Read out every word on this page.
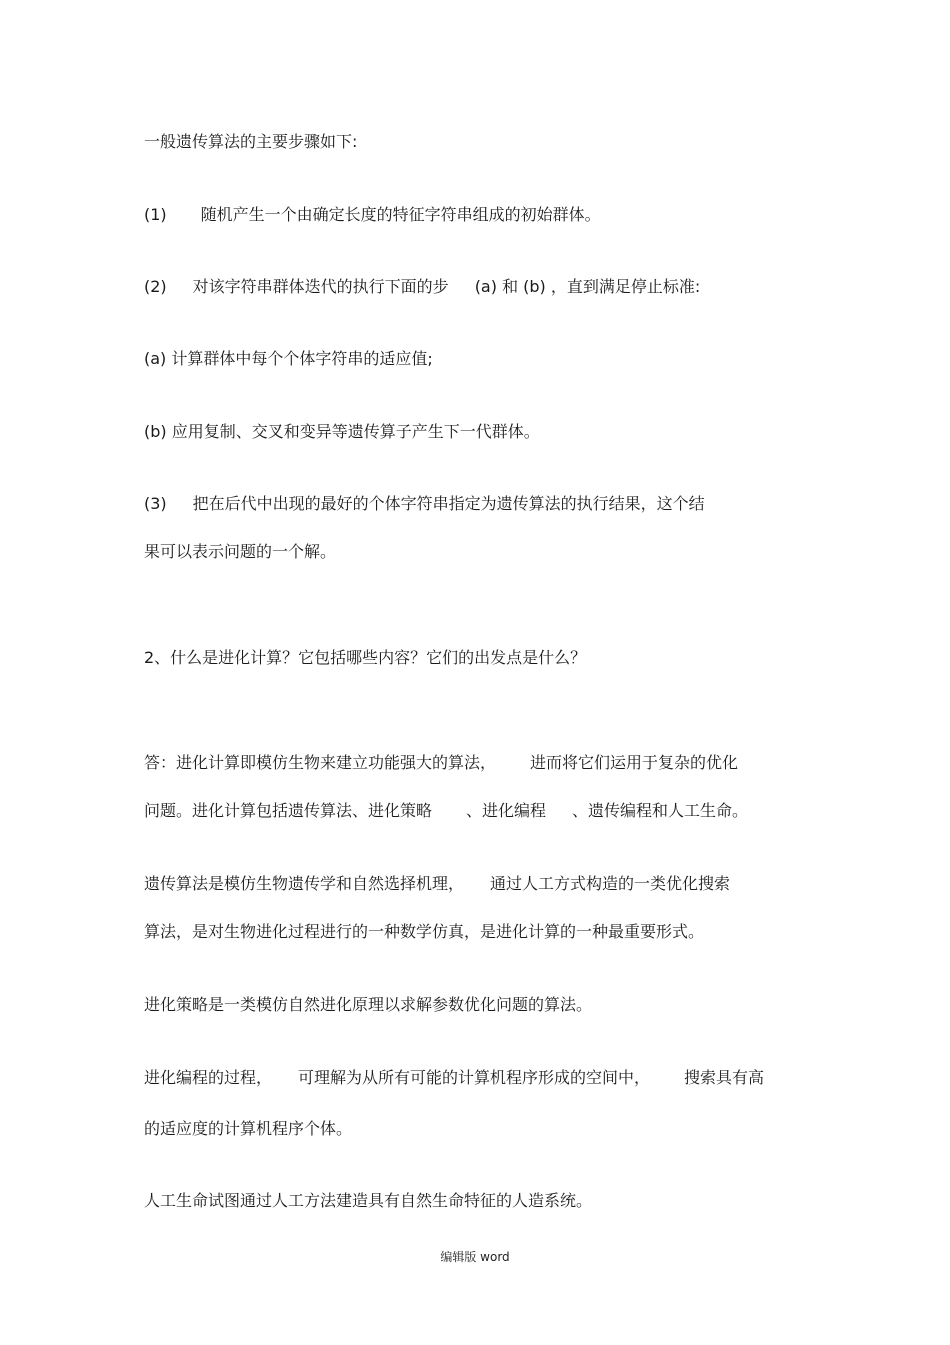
一般遗传算法的主要步骤如下:
(1) 随机产生一个由确定长度的特征字符串组成的初始群体。
(2) 对该字符串群体迭代的执行下面的步 (a) 和 (b) ，直到满足停止标准:
(a) 计算群体中每个个体字符串的适应值;
(b) 应用复制、交叉和变异等遗传算子产生下一代群体。
(3) 把在后代中出现的最好的个体字符串指定为遗传算法的执行结果，这个结
果可以表示问题的一个解。
2、什么是进化计算？它包括哪些内容？它们的出发点是什么？
答：进化计算即模仿生物来建立功能强大的算法， 进而将它们运用于复杂的优化
问题。进化计算包括遗传算法、进化策略 、进化编程 、遗传编程和人工生命。
遗传算法是模仿生物遗传学和自然选择机理， 通过人工方式构造的一类优化搜索
算法，是对生物进化过程进行的一种数学仿真，是进化计算的一种最重要形式。
进化策略是一类模仿自然进化原理以求解参数优化问题的算法。
进化编程的过程， 可理解为从所有可能的计算机程序形成的空间中， 搜索具有高
的适应度的计算机程序个体。
人工生命试图通过人工方法建造具有自然生命特征的人造系统。
编辑版 word
